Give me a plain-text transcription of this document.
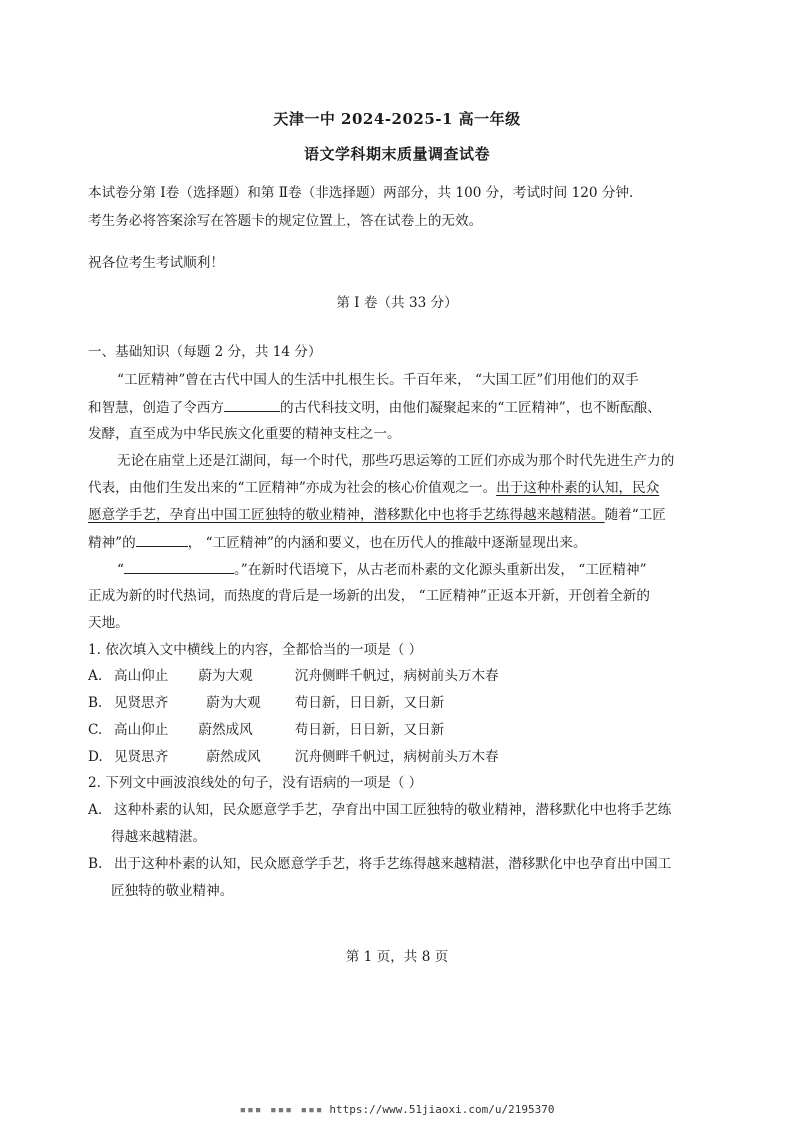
天津一中 2024-2025-1 高一年级
语文学科期末质量调查试卷
本试卷分第 Ⅰ卷（选择题）和第 Ⅱ卷（非选择题）两部分，共 100 分，考试时间 120 分钟.
考生务必将答案涂写在答题卡的规定位置上，答在试卷上的无效。
祝各位考生考试顺利！
第 I 卷（共 33 分）
一、基础知识（每题 2 分，共 14 分）
“工匠精神”曾在古代中国人的生活中扎根生长。千百年来， “大国工匠”们用他们的双手
和智慧，创造了令西方	的古代科技文明，由他们凝聚起来的“工匠精神”，也不断酝酿、
发酵，直至成为中华民族文化重要的精神支柱之一。
无论在庙堂上还是江湖间，每一个时代，那些巧思运筹的工匠们亦成为那个时代先进生产力的
代表，由他们生发出来的“工匠精神”亦成为社会的核心价值观之一。出于这种朴素的认知，民众
愿意学手艺，孕育出中国工匠独特的敬业精神，潜移默化中也将手艺练得越来越精湛。随着“工匠
精神”的	， “工匠精神”的内涵和要义，也在历代人的推敲中逐渐显现出来。
“	。”在新时代语境下，从古老而朴素的文化源头重新出发， “工匠精神”
正成为新的时代热词，而热度的背后是一场新的出发， “工匠精神”正返本开新，开创着全新的
天地。
1. 依次填入文中横线上的内容，全都恰当的一项是（ ）
A. 高山仰止 蔚为大观	沉舟侧畔千帆过，病树前头万木春
B. 见贤思齐	蔚为大观	苟日新，日日新，又日新
C. 高山仰止 蔚然成风	苟日新，日日新，又日新
D. 见贤思齐	蔚然成风	沉舟侧畔千帆过，病树前头万木春
2. 下列文中画波浪线处的句子，没有语病的一项是（ ）
A. 这种朴素的认知，民众愿意学手艺，孕育出中国工匠独特的敬业精神，潜移默化中也将手艺练
得越来越精湛。
B. 出于这种朴素的认知，民众愿意学手艺，将手艺练得越来越精湛，潜移默化中也孕育出中国工
匠独特的敬业精神。
第 1 页，共 8 页
▪▪▪ ▪▪▪ ▪▪▪ https://www.51jiaoxi.com/u/2195370
